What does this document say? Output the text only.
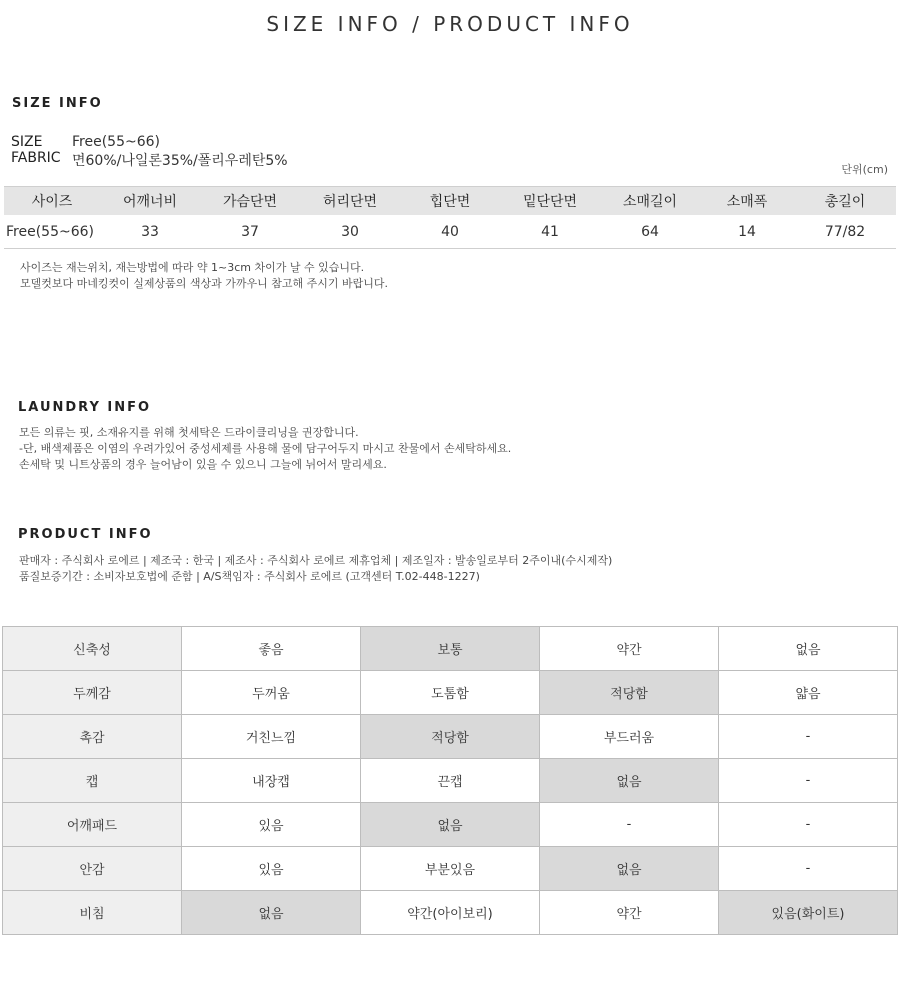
SIZE INFO / PRODUCT INFO
SIZE INFO
SIZE Free(55~66)
FABRIC 면60%/나일론35%/폴리우레탄5%
단위(cm)
사이즈	어깨너비	가슴단면	허리단면	힙단면	밑단단면	소매길이	소매폭	총길이
Free(55~66)	33	37	30	40	41	64	14	77/82
사이즈는 재는위치, 재는방법에 따라 약 1~3cm 차이가 날 수 있습니다.
모델컷보다 마네킹컷이 실제상품의 색상과 가까우니 참고해 주시기 바랍니다.
LAUNDRY INFO
모든 의류는 핏, 소재유지를 위해 첫세탁은 드라이클리닝을 권장합니다.
-단, 배색제품은 이염의 우려가있어 중성세제를 사용해 물에 담구어두지 마시고 찬물에서 손세탁하세요.
손세탁 및 니트상품의 경우 늘어남이 있을 수 있으니 그늘에 뉘어서 말리세요.
PRODUCT INFO
판매자 : 주식회사 로에르 | 제조국 : 한국 | 제조사 : 주식회사 로에르 제휴업체 | 제조일자 : 발송일로부터 2주이내(수시제작)
품질보증기간 : 소비자보호법에 준함 | A/S책임자 : 주식회사 로에르 (고객센터 T.02-448-1227)
신축성	좋음	보통	약간	없음
두께감	두꺼움	도톰함	적당함	얇음
촉감	거친느낌	적당함	부드러움	-
캡	내장캡	끈캡	없음	-
어깨패드	있음	없음	-	-
안감	있음	부분있음	없음	-
비침	없음	약간(아이보리)	약간	있음(화이트)
